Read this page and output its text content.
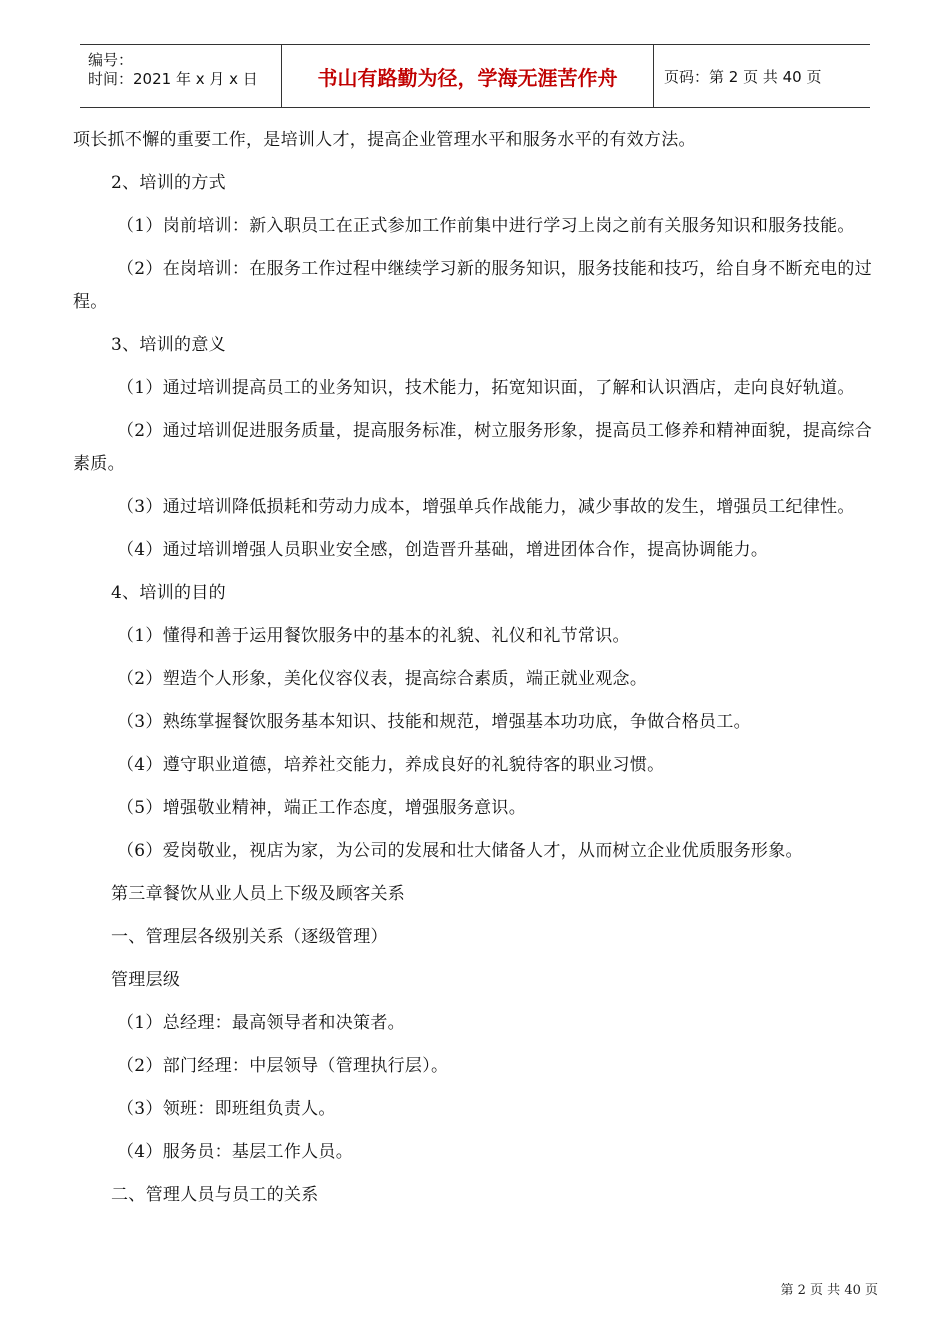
编号：
时间：2021 年 x 月 x 日	书山有路勤为径，学海无涯苦作舟	页码：第 2 页 共 40 页

项长抓不懈的重要工作，是培训人才，提高企业管理水平和服务水平的有效方法。

2、培训的方式

（1）岗前培训：新入职员工在正式参加工作前集中进行学习上岗之前有关服务知识和服务技能。

（2）在岗培训：在服务工作过程中继续学习新的服务知识，服务技能和技巧，给自身不断充电的过程。

3、培训的意义

（1）通过培训提高员工的业务知识，技术能力，拓宽知识面，了解和认识酒店，走向良好轨道。

（2）通过培训促进服务质量，提高服务标准，树立服务形象，提高员工修养和精神面貌，提高综合素质。

（3）通过培训降低损耗和劳动力成本，增强单兵作战能力，减少事故的发生，增强员工纪律性。

（4）通过培训增强人员职业安全感，创造晋升基础，增进团体合作，提高协调能力。

4、培训的目的

（1）懂得和善于运用餐饮服务中的基本的礼貌、礼仪和礼节常识。

（2）塑造个人形象，美化仪容仪表，提高综合素质，端正就业观念。

（3）熟练掌握餐饮服务基本知识、技能和规范，增强基本功功底，争做合格员工。

（4）遵守职业道德，培养社交能力，养成良好的礼貌待客的职业习惯。

（5）增强敬业精神，端正工作态度，增强服务意识。

（6）爱岗敬业，视店为家，为公司的发展和壮大储备人才，从而树立企业优质服务形象。

第三章餐饮从业人员上下级及顾客关系

一、管理层各级别关系（逐级管理）

管理层级

（1）总经理：最高领导者和决策者。

（2）部门经理：中层领导（管理执行层）。

（3）领班：即班组负责人。

（4）服务员：基层工作人员。

二、管理人员与员工的关系

第 2 页 共 40 页
